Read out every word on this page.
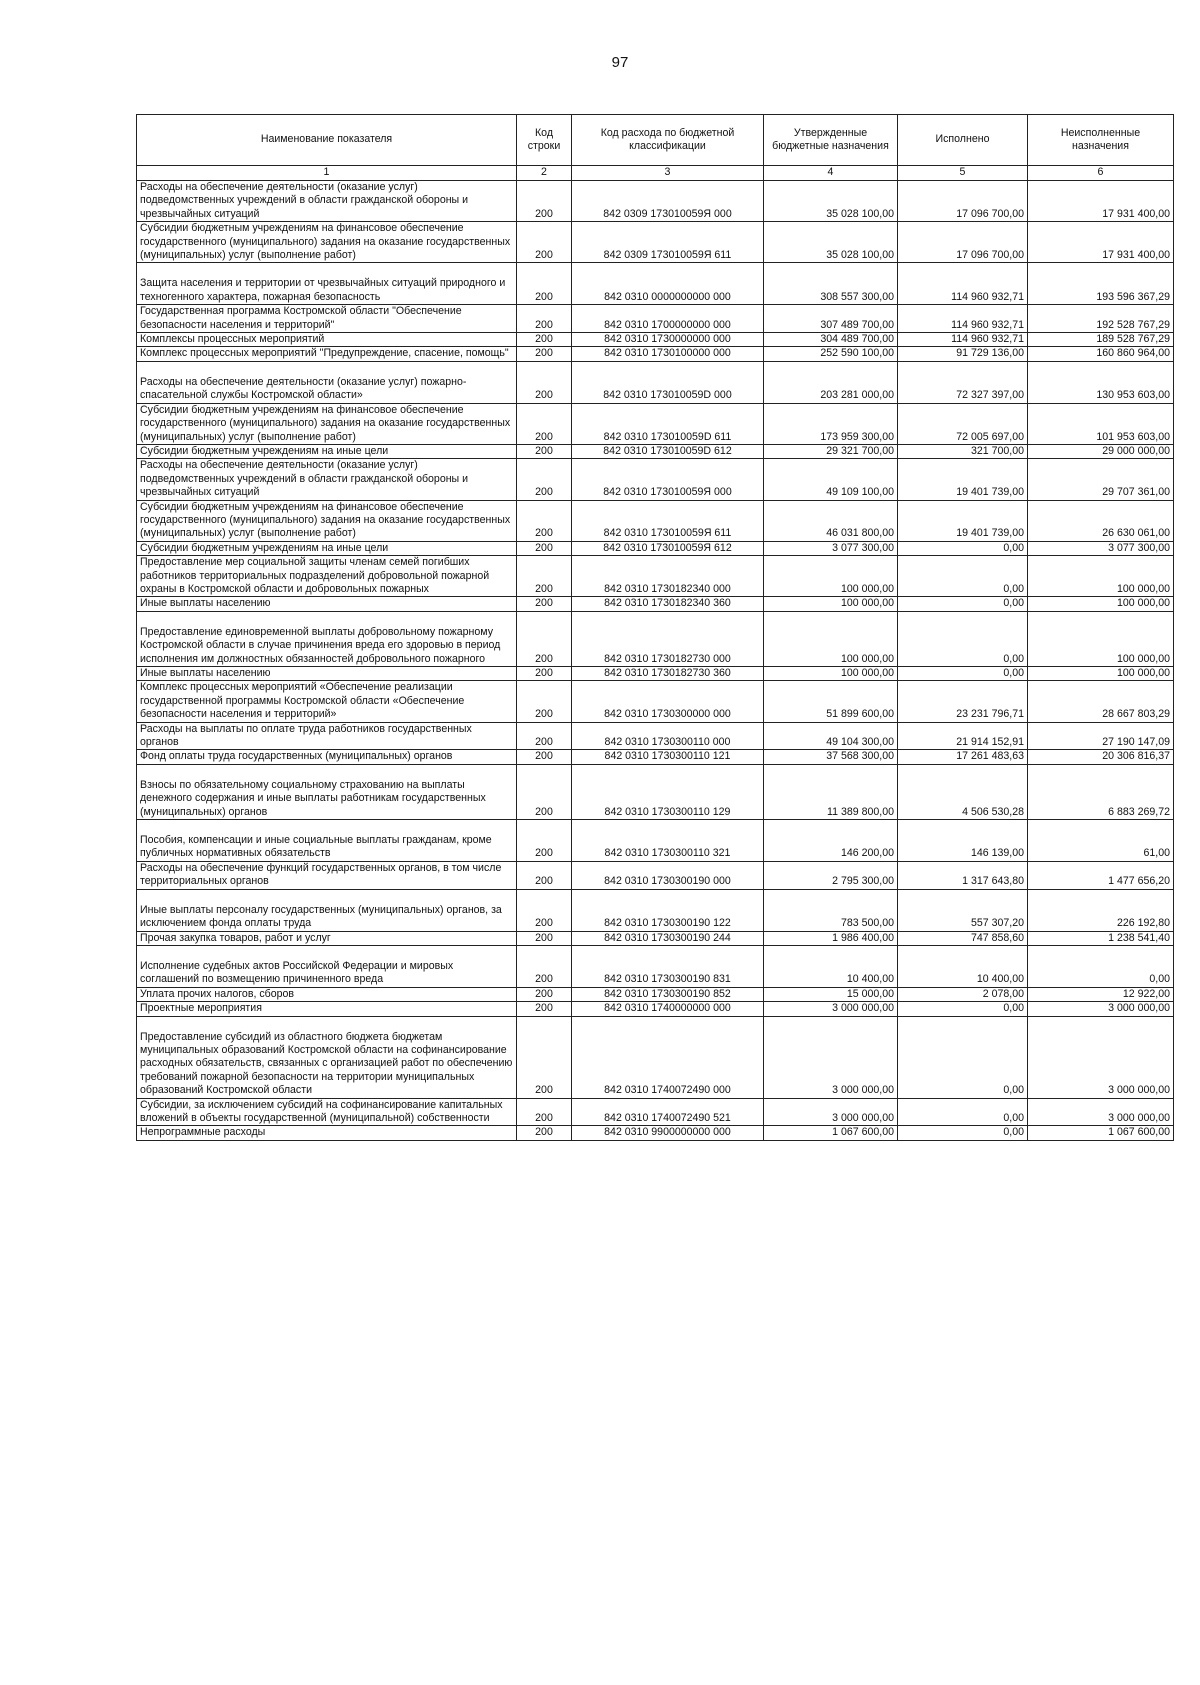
97
Наименование показателя	Код строки	Код расхода по бюджетной классификации	Утвержденные бюджетные назначения	Исполнено	Неисполненные назначения
1	2	3	4	5	6
Расходы на обеспечение деятельности (оказание услуг) подведомственных учреждений в области гражданской обороны и чрезвычайных ситуаций	200	842 0309 173010059Я 000	35 028 100,00	17 096 700,00	17 931 400,00
Субсидии бюджетным учреждениям на финансовое обеспечение государственного (муниципального) задания на оказание государственных (муниципальных) услуг (выполнение работ)	200	842 0309 173010059Я 611	35 028 100,00	17 096 700,00	17 931 400,00
Защита населения и территории от чрезвычайных ситуаций природного и техногенного характера, пожарная безопасность	200	842 0310 0000000000 000	308 557 300,00	114 960 932,71	193 596 367,29
Государственная программа Костромской области "Обеспечение безопасности населения и территорий"	200	842 0310 1700000000 000	307 489 700,00	114 960 932,71	192 528 767,29
Комплексы процессных мероприятий	200	842 0310 1730000000 000	304 489 700,00	114 960 932,71	189 528 767,29
Комплекс процессных мероприятий "Предупреждение, спасение, помощь"	200	842 0310 1730100000 000	252 590 100,00	91 729 136,00	160 860 964,00
Расходы на обеспечение деятельности (оказание услуг) пожарно-спасательной службы Костромской области»	200	842 0310 173010059D 000	203 281 000,00	72 327 397,00	130 953 603,00
Субсидии бюджетным учреждениям на финансовое обеспечение государственного (муниципального) задания на оказание государственных (муниципальных) услуг (выполнение работ)	200	842 0310 173010059D 611	173 959 300,00	72 005 697,00	101 953 603,00
Субсидии бюджетным учреждениям на иные цели	200	842 0310 173010059D 612	29 321 700,00	321 700,00	29 000 000,00
Расходы на обеспечение деятельности (оказание услуг) подведомственных учреждений в области гражданской обороны и чрезвычайных ситуаций	200	842 0310 173010059Я 000	49 109 100,00	19 401 739,00	29 707 361,00
Субсидии бюджетным учреждениям на финансовое обеспечение государственного (муниципального) задания на оказание государственных (муниципальных) услуг (выполнение работ)	200	842 0310 173010059Я 611	46 031 800,00	19 401 739,00	26 630 061,00
Субсидии бюджетным учреждениям на иные цели	200	842 0310 173010059Я 612	3 077 300,00	0,00	3 077 300,00
Предоставление мер социальной защиты членам семей погибших работников территориальных подразделений добровольной пожарной охраны в Костромской области и добровольных пожарных	200	842 0310 1730182340 000	100 000,00	0,00	100 000,00
Иные выплаты населению	200	842 0310 1730182340 360	100 000,00	0,00	100 000,00
Предоставление единовременной выплаты добровольному пожарному Костромской области в случае причинения вреда его здоровью в период исполнения им должностных обязанностей добровольного пожарного	200	842 0310 1730182730 000	100 000,00	0,00	100 000,00
Иные выплаты населению	200	842 0310 1730182730 360	100 000,00	0,00	100 000,00
Комплекс процессных мероприятий «Обеспечение реализации государственной программы Костромской области «Обеспечение безопасности населения и территорий»	200	842 0310 1730300000 000	51 899 600,00	23 231 796,71	28 667 803,29
Расходы на выплаты по оплате труда работников государственных органов	200	842 0310 1730300110 000	49 104 300,00	21 914 152,91	27 190 147,09
Фонд оплаты труда государственных (муниципальных) органов	200	842 0310 1730300110 121	37 568 300,00	17 261 483,63	20 306 816,37
Взносы по обязательному социальному страхованию на выплаты денежного содержания и иные выплаты работникам государственных (муниципальных) органов	200	842 0310 1730300110 129	11 389 800,00	4 506 530,28	6 883 269,72
Пособия, компенсации и иные социальные выплаты гражданам, кроме публичных нормативных обязательств	200	842 0310 1730300110 321	146 200,00	146 139,00	61,00
Расходы на обеспечение функций государственных органов, в том числе территориальных органов	200	842 0310 1730300190 000	2 795 300,00	1 317 643,80	1 477 656,20
Иные выплаты персоналу государственных (муниципальных) органов, за исключением фонда оплаты труда	200	842 0310 1730300190 122	783 500,00	557 307,20	226 192,80
Прочая закупка товаров, работ и услуг	200	842 0310 1730300190 244	1 986 400,00	747 858,60	1 238 541,40
Исполнение судебных актов Российской Федерации и мировых соглашений по возмещению причиненного вреда	200	842 0310 1730300190 831	10 400,00	10 400,00	0,00
Уплата прочих налогов, сборов	200	842 0310 1730300190 852	15 000,00	2 078,00	12 922,00
Проектные мероприятия	200	842 0310 1740000000 000	3 000 000,00	0,00	3 000 000,00
Предоставление субсидий из областного бюджета бюджетам муниципальных образований Костромской области на софинансирование расходных обязательств, связанных с организацией работ по обеспечению требований пожарной безопасности на территории муниципальных образований Костромской области	200	842 0310 1740072490 000	3 000 000,00	0,00	3 000 000,00
Субсидии, за исключением субсидий на софинансирование капитальных вложений в объекты государственной (муниципальной) собственности	200	842 0310 1740072490 521	3 000 000,00	0,00	3 000 000,00
Непрограммные расходы	200	842 0310 9900000000 000	1 067 600,00	0,00	1 067 600,00
